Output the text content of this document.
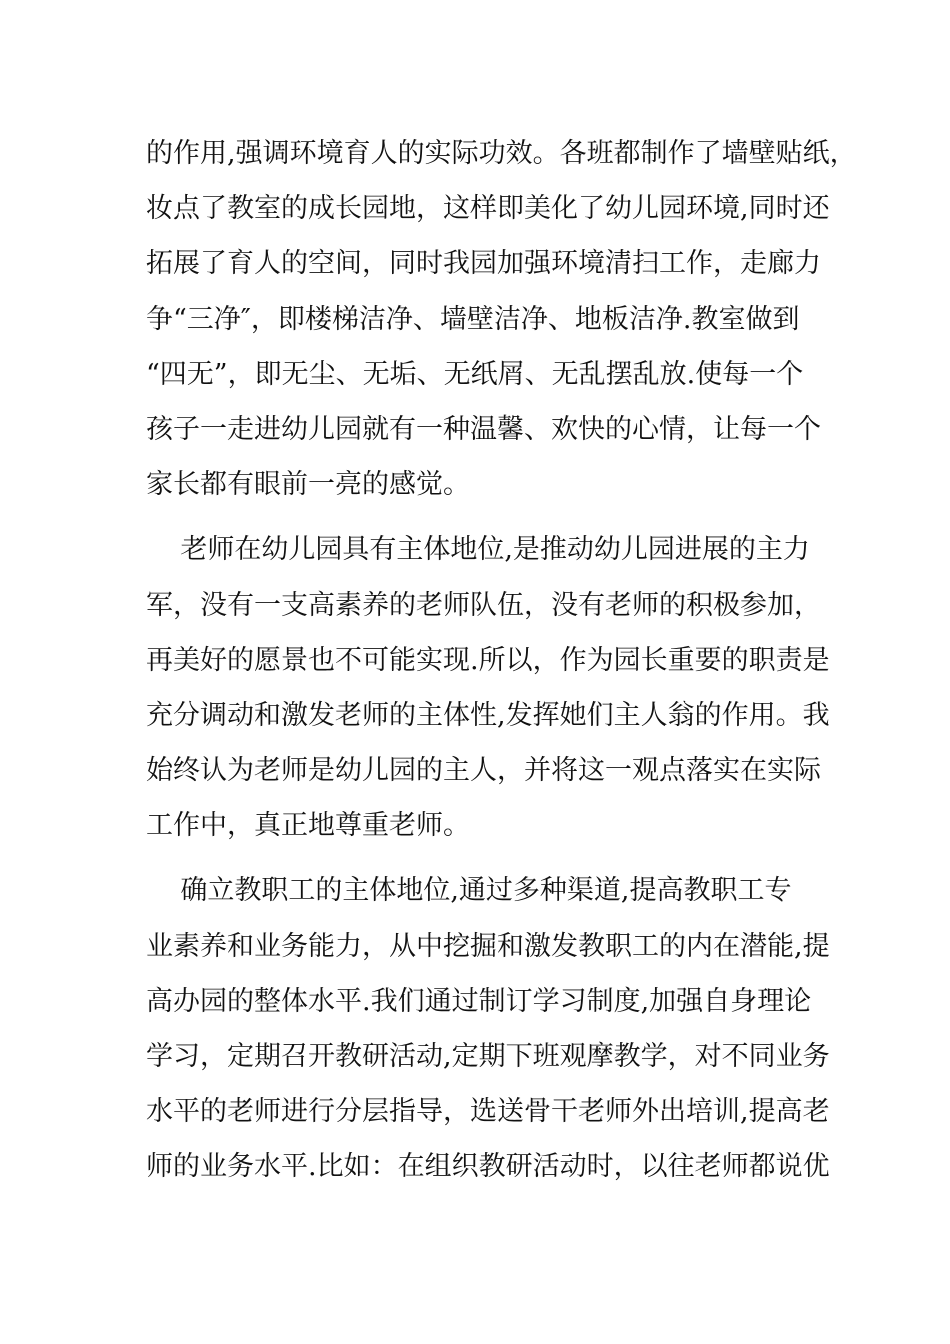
的作用,强调环境育人的实际功效。各班都制作了墙壁贴纸，
妆点了教室的成长园地，这样即美化了幼儿园环境,同时还
拓展了育人的空间，同时我园加强环境清扫工作，走廊力
争“三净″，即楼梯洁净、墙壁洁净、地板洁净.教室做到
“四无”，即无尘、无垢、无纸屑、无乱摆乱放.使每一个
孩子一走进幼儿园就有一种温馨、欢快的心情，让每一个
家长都有眼前一亮的感觉。
老师在幼儿园具有主体地位,是推动幼儿园进展的主力
军，没有一支高素养的老师队伍，没有老师的积极参加，
再美好的愿景也不可能实现.所以，作为园长重要的职责是
充分调动和激发老师的主体性,发挥她们主人翁的作用。我
始终认为老师是幼儿园的主人，并将这一观点落实在实际
工作中，真正地尊重老师。
确立教职工的主体地位,通过多种渠道,提高教职工专
业素养和业务能力，从中挖掘和激发教职工的内在潜能,提
高办园的整体水平.我们通过制订学习制度,加强自身理论
学习，定期召开教研活动,定期下班观摩教学，对不同业务
水平的老师进行分层指导，选送骨干老师外出培训,提高老
师的业务水平.比如：在组织教研活动时，以往老师都说优
